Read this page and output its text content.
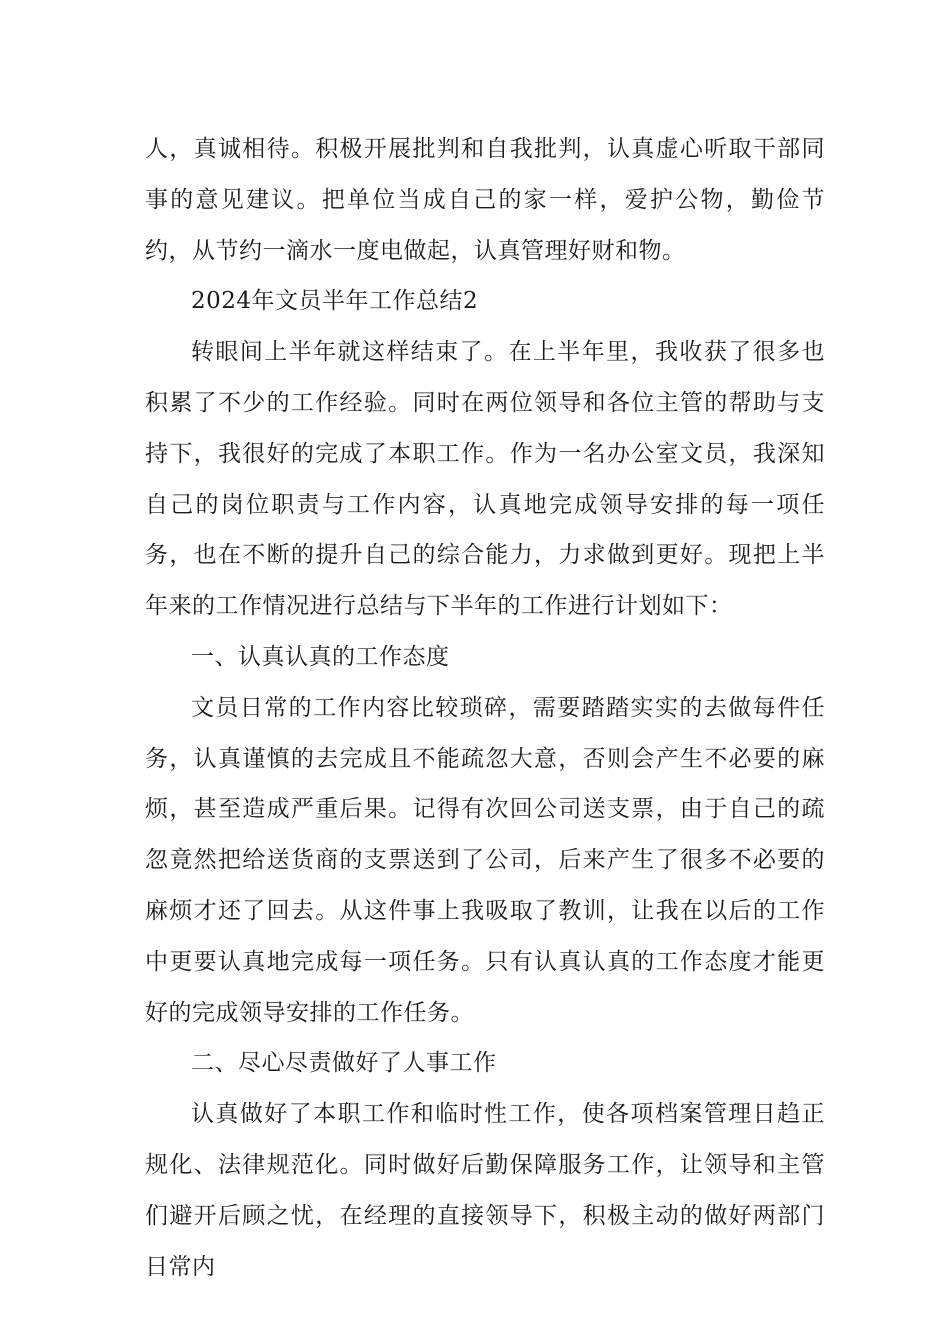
人，真诚相待。积极开展批判和自我批判，认真虚心听取干部同事的意见建议。把单位当成自己的家一样，爱护公物，勤俭节约，从节约一滴水一度电做起，认真管理好财和物。

2024年文员半年工作总结2

转眼间上半年就这样结束了。在上半年里，我收获了很多也积累了不少的工作经验。同时在两位领导和各位主管的帮助与支持下，我很好的完成了本职工作。作为一名办公室文员，我深知自己的岗位职责与工作内容，认真地完成领导安排的每一项任务，也在不断的提升自己的综合能力，力求做到更好。现把上半年来的工作情况进行总结与下半年的工作进行计划如下：

一、认真认真的工作态度

文员日常的工作内容比较琐碎，需要踏踏实实的去做每件任务，认真谨慎的去完成且不能疏忽大意，否则会产生不必要的麻烦，甚至造成严重后果。记得有次回公司送支票，由于自己的疏忽竟然把给送货商的支票送到了公司，后来产生了很多不必要的麻烦才还了回去。从这件事上我吸取了教训，让我在以后的工作中更要认真地完成每一项任务。只有认真认真的工作态度才能更好的完成领导安排的工作任务。

二、尽心尽责做好了人事工作

认真做好了本职工作和临时性工作，使各项档案管理日趋正规化、法律规范化。同时做好后勤保障服务工作，让领导和主管们避开后顾之忧，在经理的直接领导下，积极主动的做好两部门日常内
